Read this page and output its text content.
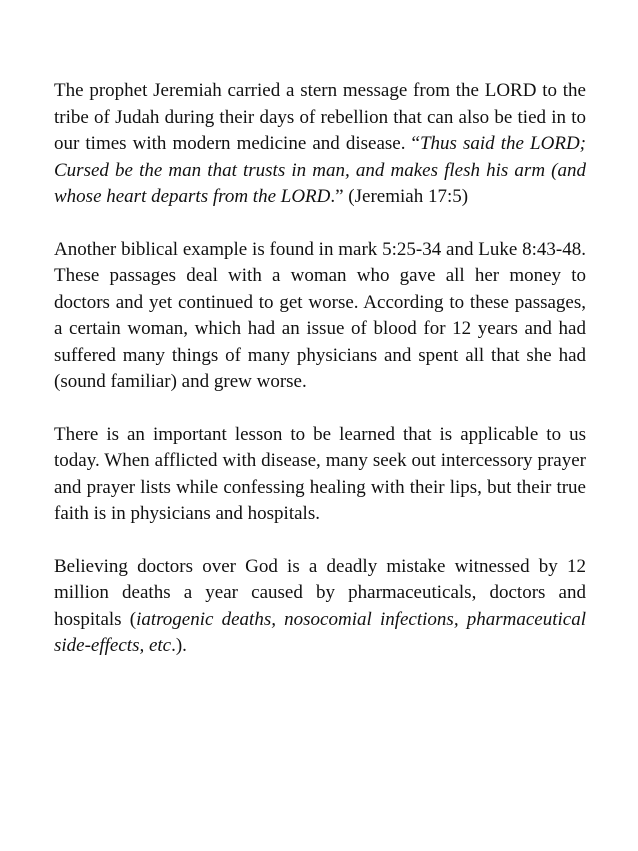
The prophet Jeremiah carried a stern message from the LORD to the tribe of Judah during their days of rebellion that can also be tied in to our times with modern medicine and disease. “Thus said the LORD; Cursed be the man that trusts in man, and makes flesh his arm (and whose heart departs from the LORD.” (Jeremiah 17:5)

Another biblical example is found in mark 5:25-34 and Luke 8:43-48. These passages deal with a woman who gave all her money to doctors and yet continued to get worse. According to these passages, a certain woman, which had an issue of blood for 12 years and had suffered many things of many physicians and spent all that she had (sound familiar) and grew worse.

There is an important lesson to be learned that is applicable to us today. When afflicted with disease, many seek out intercessory prayer and prayer lists while confessing healing with their lips, but their true faith is in physicians and hospitals.

Believing doctors over God is a deadly mistake witnessed by 12 million deaths a year caused by pharmaceuticals, doctors and hospitals (iatrogenic deaths, nosocomial infections, pharmaceutical side-effects, etc.).
